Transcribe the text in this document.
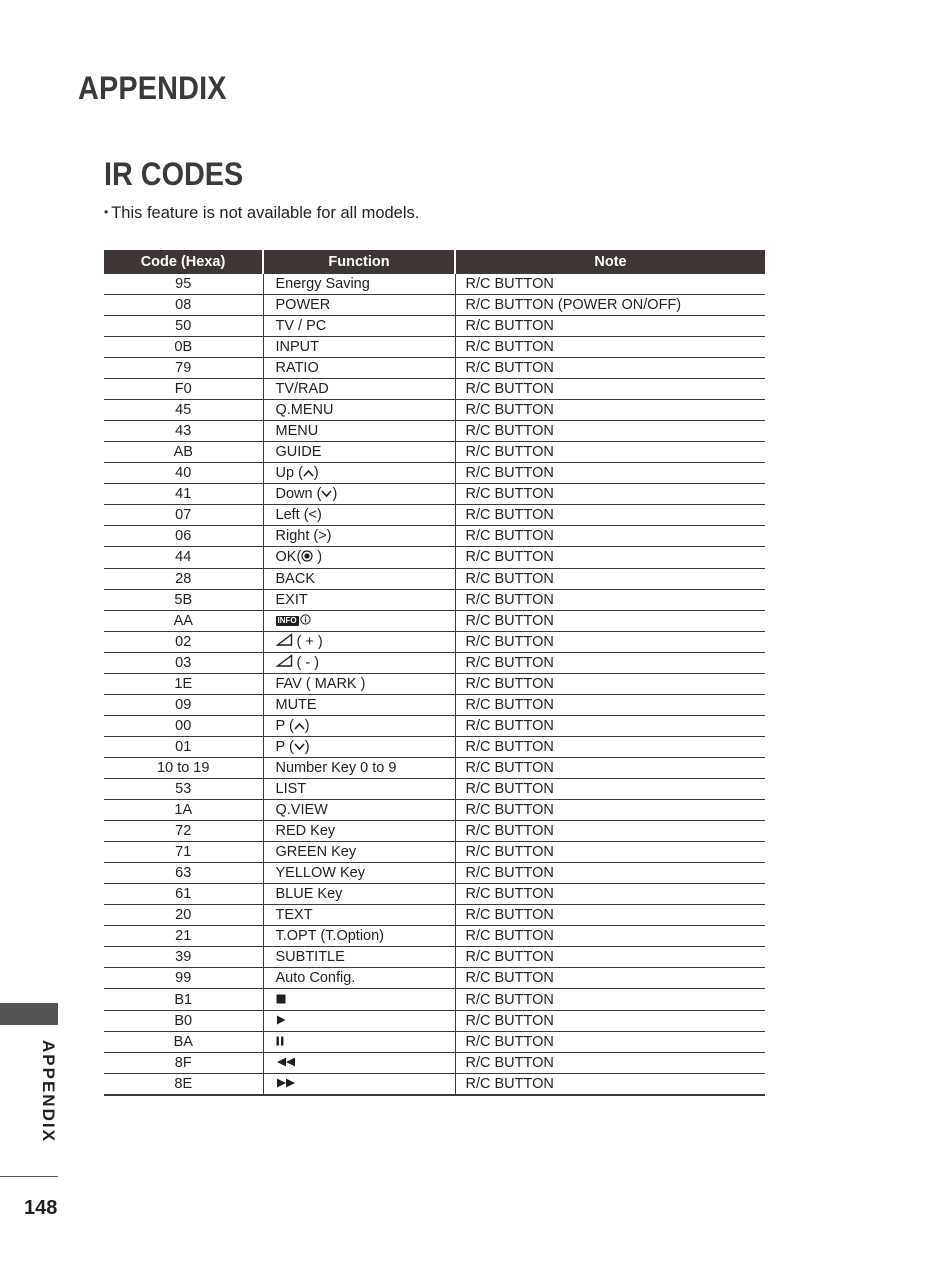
APPENDIX
IR CODES

• This feature is not available for all models.

Code (Hexa)	Function	Note
95	Energy Saving	R/C BUTTON
08	POWER	R/C BUTTON (POWER ON/OFF)
50	TV / PC	R/C BUTTON
0B	INPUT	R/C BUTTON
79	RATIO	R/C BUTTON
F0	TV/RAD	R/C BUTTON
45	Q.MENU	R/C BUTTON
43	MENU	R/C BUTTON
AB	GUIDE	R/C BUTTON
40	Up ( )	R/C BUTTON
41	Down ( )	R/C BUTTON
07	Left (<)	R/C BUTTON
06	Right (>)	R/C BUTTON
44	OK( )	R/C BUTTON
28	BACK	R/C BUTTON
5B	EXIT	R/C BUTTON
AA	INFO	R/C BUTTON
02	( + )	R/C BUTTON
03	( - )	R/C BUTTON
1E	FAV ( MARK )	R/C BUTTON
09	MUTE	R/C BUTTON
00	P ( )	R/C BUTTON
01	P ( )	R/C BUTTON
10 to 19	Number Key 0 to 9	R/C BUTTON
53	LIST	R/C BUTTON
1A	Q.VIEW	R/C BUTTON
72	RED Key	R/C BUTTON
71	GREEN Key	R/C BUTTON
63	YELLOW Key	R/C BUTTON
61	BLUE Key	R/C BUTTON
20	TEXT	R/C BUTTON
21	T.OPT (T.Option)	R/C BUTTON
39	SUBTITLE	R/C BUTTON
99	Auto Config.	R/C BUTTON
B1		R/C BUTTON
B0		R/C BUTTON
BA		R/C BUTTON
8F		R/C BUTTON
8E		R/C BUTTON
APPENDIX
148
